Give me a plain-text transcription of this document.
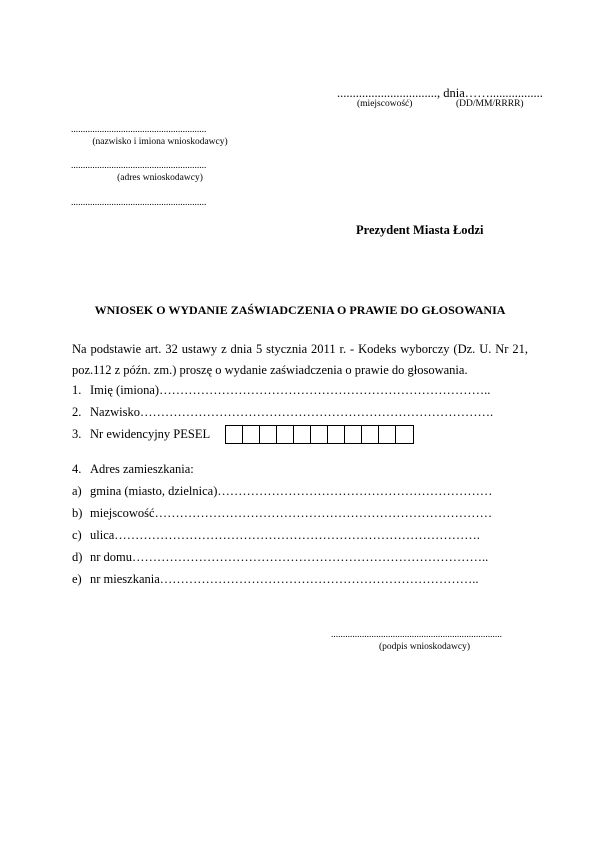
................................, dnia…….................
(miejscowość)	(DD/MM/RRRR)
.........................................................
(nazwisko i imiona wnioskodawcy)
.........................................................
(adres wnioskodawcy)
.........................................................
Prezydent Miasta Łodzi
WNIOSEK O WYDANIE ZAŚWIADCZENIA O PRAWIE DO GŁOSOWANIA
Na podstawie art. 32 ustawy z dnia 5 stycznia 2011 r. - Kodeks wyborczy (Dz. U. Nr 21,
poz.112 z późn. zm.) proszę o wydanie zaświadczenia o prawie do głosowania.
1. Imię (imiona)……………………………………………………………………..
2. Nazwisko………………………………………………………………………….
3. Nr ewidencyjny PESEL
4. Adres zamieszkania:
a) gmina (miasto, dzielnica)…………………………………………………………
b) miejscowość………………………………………………………………………
c) ulica…………………………………………………………………………….
d) nr domu…………………………………………………………………………..
e) nr mieszkania…………………………………………………………………..
........................................................................
(podpis wnioskodawcy)
